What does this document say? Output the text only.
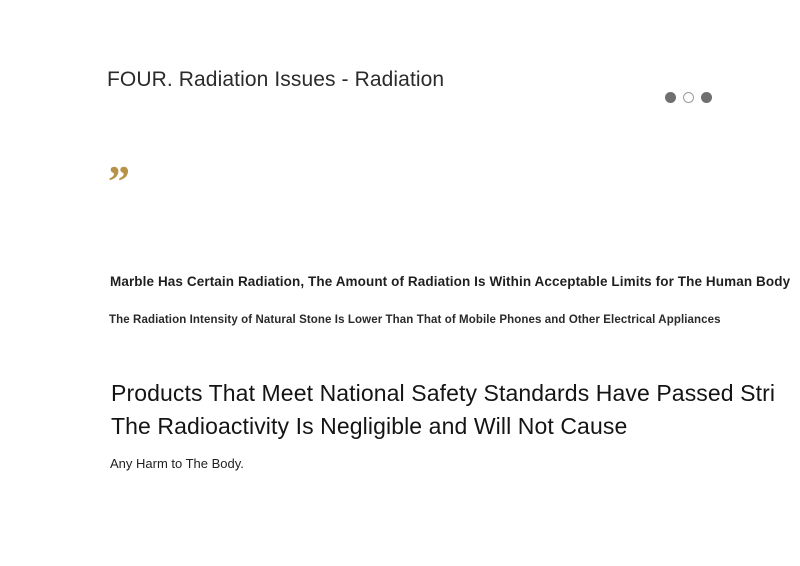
FOUR. Radiation Issues - Radiation
”
Marble Has Certain Radiation, The Amount of Radiation Is Within Acceptable Limits for The Human Body
The Radiation Intensity of Natural Stone Is Lower Than That of Mobile Phones and Other Electrical Appliances
Products That Meet National Safety Standards Have Passed Stri
The Radioactivity Is Negligible and Will Not Cause
Any Harm to The Body.
